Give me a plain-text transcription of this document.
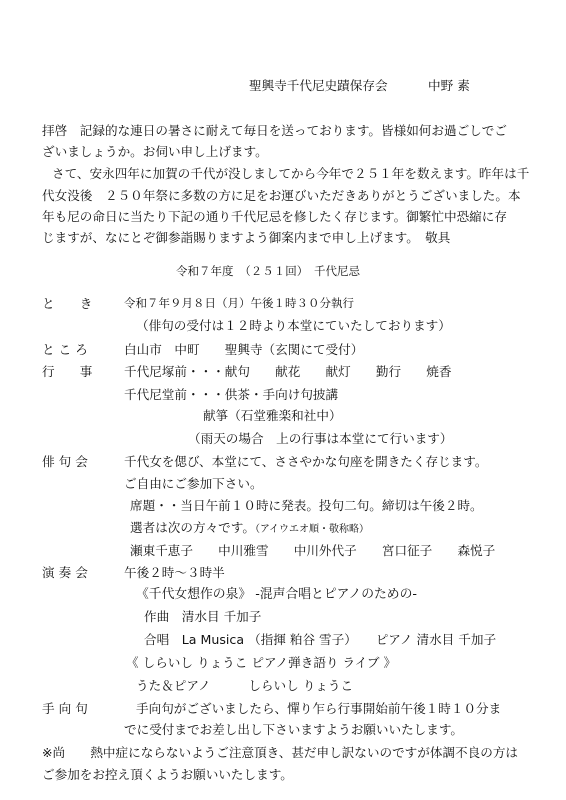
聖興寺千代尼史蹟保存会	中野 素
拝啓　記録的な連日の暑さに耐えて毎日を送っております。皆様如何お過ごしでご
ざいましょうか。お伺い申し上げます。
さて、安永四年に加賀の千代が没しましてから今年で２５１年を数えます。昨年は千
代女没後　２５０年祭に多数の方に足をお運びいただきありがとうございました。本
年も尼の命日に当たり下記の通り千代尼忌を修したく存じます。御繁忙中恐縮に存
じますが、なにとぞ御参詣賜りますよう御案内まで申し上げます。　敬具
令和７年度　（２５１回）　千代尼忌
と　　き	令和７年９月８日（月）午後１時３０分執行
（俳句の受付は１２時より本堂にていたしております）
と こ ろ	白山市　中町　　聖興寺（玄関にて受付）
行　　事	千代尼塚前・・・献句　　献花　　献灯　　勤行　　焼香
千代尼堂前・・・供茶・手向け句披講
献箏（石堂雅楽和社中）
（雨天の場合　上の行事は本堂にて行います）
俳 句 会	千代女を偲び、本堂にて、ささやかな句座を開きたく存じます。
ご自由にご参加下さい。
席題・・当日午前１０時に発表。投句二句。締切は午後２時。
選者は次の方々です。（アイウエオ順・敬称略）
瀬東千恵子　　中川雅雪　　中川外代子　　宮口征子　　森悦子
演 奏 会	午後２時～３時半
《千代女想作の泉》 ‐混声合唱とピアノのための‐
作曲　清水目 千加子
合唱　La Musica （指揮 粕谷 雪子）　　ピアノ 清水目 千加子
《 しらいし りょうこ ピアノ弾き語り ライブ 》
うた＆ピアノ　　　しらいし りょうこ
手 向 句	手向句がございましたら、憚り乍ら行事開始前午後１時１０分ま
でに受付までお差し出し下さいますようお願いいたします。
※尚　　熱中症にならないようご注意頂き、甚だ申し訳ないのですが体調不良の方は
ご参加をお控え頂くようお願いいたします。
